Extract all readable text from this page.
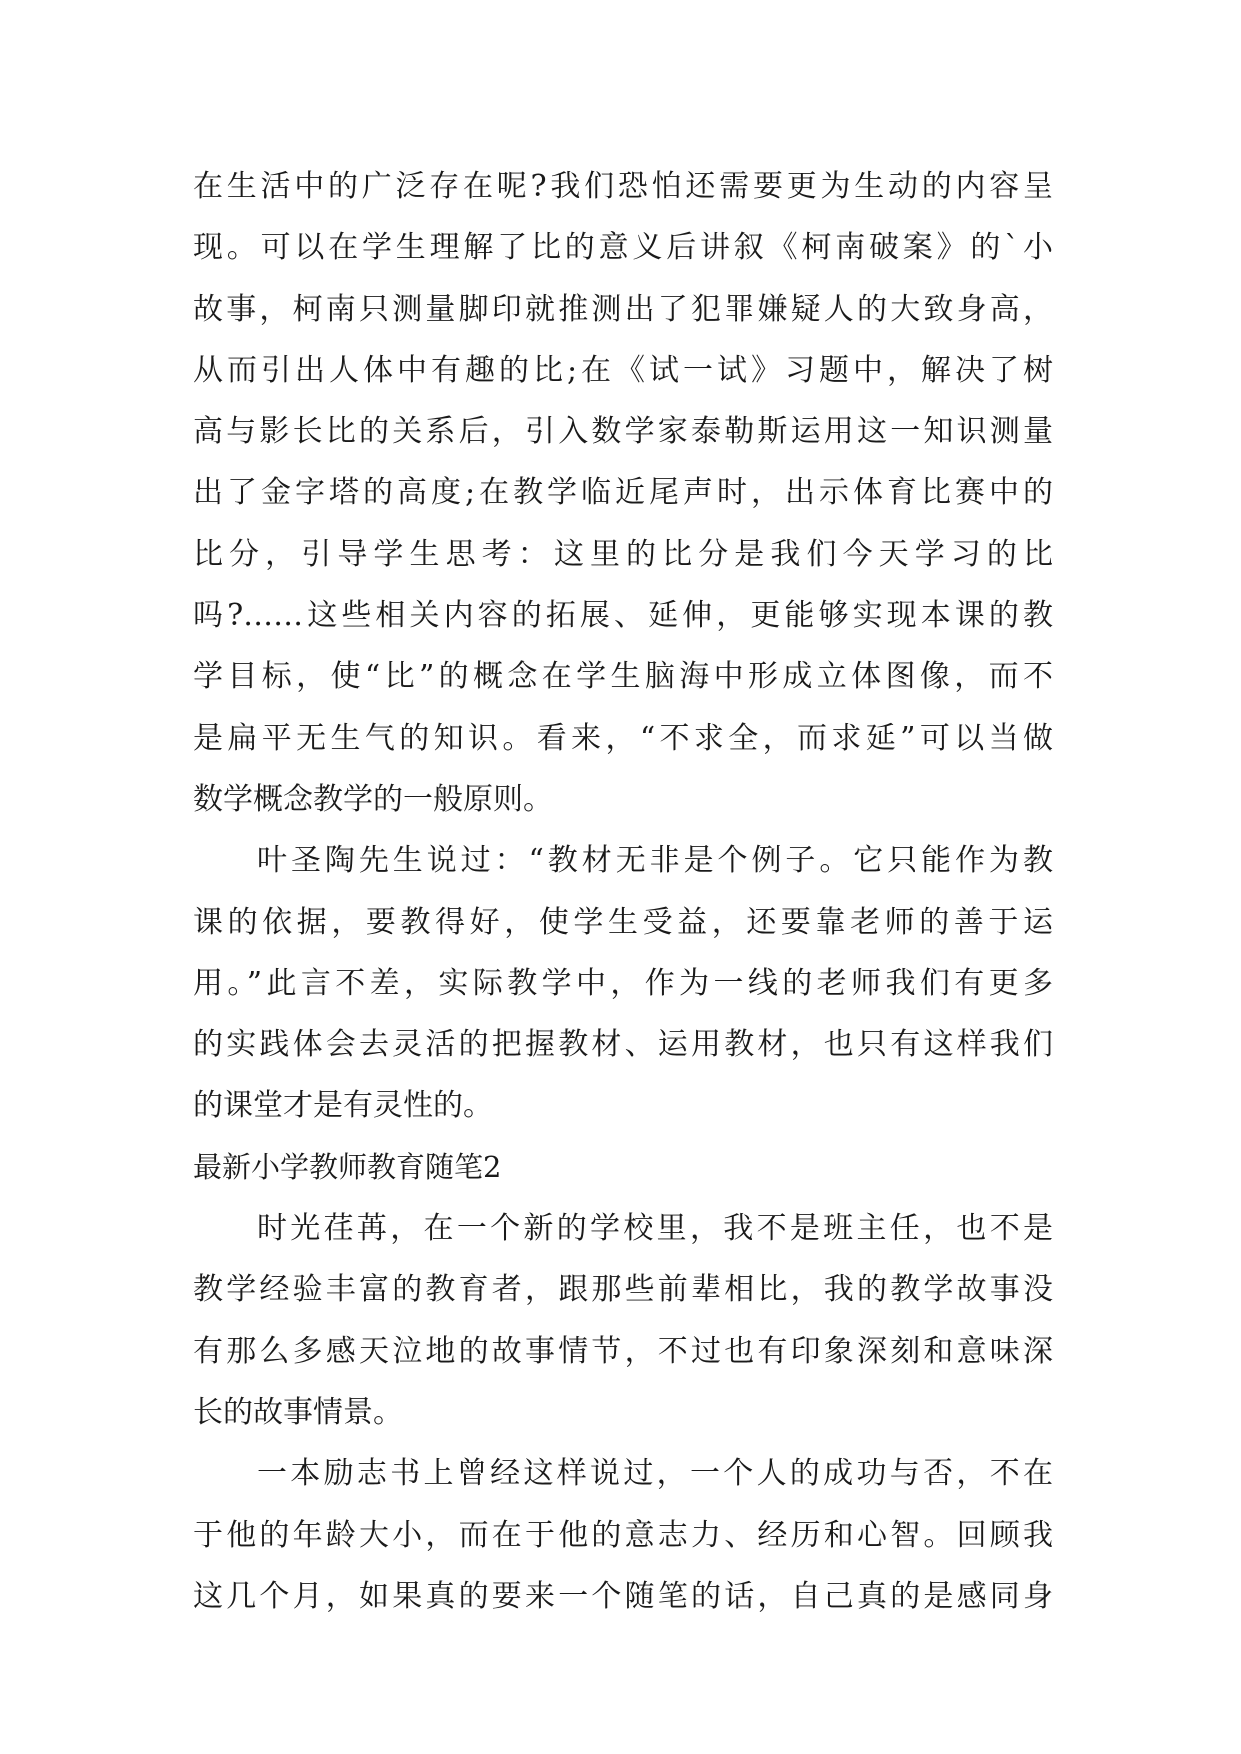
在生活中的广泛存在呢?我们恐怕还需要更为生动的内容呈
现。可以在学生理解了比的意义后讲叙《柯南破案》的`小
故事，柯南只测量脚印就推测出了犯罪嫌疑人的大致身高，
从而引出人体中有趣的比;在《试一试》习题中，解决了树
高与影长比的关系后，引入数学家泰勒斯运用这一知识测量
出了金字塔的高度;在教学临近尾声时，出示体育比赛中的
比分，引导学生思考：这里的比分是我们今天学习的比
吗?……这些相关内容的拓展、延伸，更能够实现本课的教
学目标，使“比”的概念在学生脑海中形成立体图像，而不
是扁平无生气的知识。看来，“不求全，而求延”可以当做
数学概念教学的一般原则。
叶圣陶先生说过：“教材无非是个例子。它只能作为教
课的依据，要教得好，使学生受益，还要靠老师的善于运
用。”此言不差，实际教学中，作为一线的老师我们有更多
的实践体会去灵活的把握教材、运用教材，也只有这样我们
的课堂才是有灵性的。
最新小学教师教育随笔2
时光荏苒，在一个新的学校里，我不是班主任，也不是
教学经验丰富的教育者，跟那些前辈相比，我的教学故事没
有那么多感天泣地的故事情节，不过也有印象深刻和意味深
长的故事情景。
一本励志书上曾经这样说过，一个人的成功与否，不在
于他的年龄大小，而在于他的意志力、经历和心智。回顾我
这几个月，如果真的要来一个随笔的话，自己真的是感同身
